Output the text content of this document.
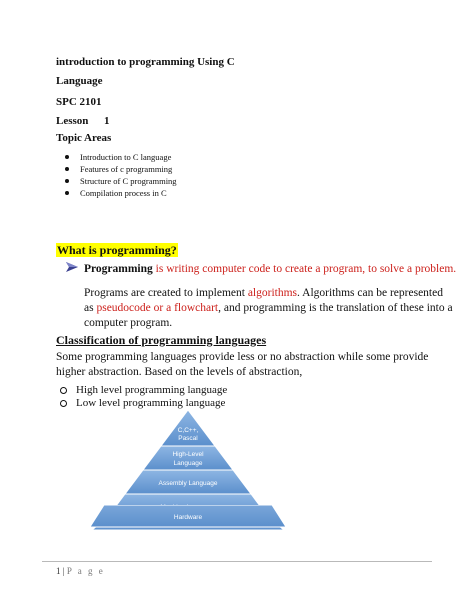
introduction to programming Using C
Language
SPC 2101
Lesson 1
Topic Areas
Introduction to C language
Features of c programming
Structure of C programming
Compilation process in C
What is programming?
Programming is writing computer code to create a program, to solve a problem.
Programs are created to implement algorithms. Algorithms can be represented
as pseudocode or a flowchart, and programming is the translation of these into a
computer program.
Classification of programming languages
Some programming languages provide less or no abstraction while some provide
higher abstraction. Based on the levels of abstraction,
High level programming language
Low level programming language
C,C++,
Pascal
High-Level
Language
Assembly Language
Hardware
1 | P a g e
